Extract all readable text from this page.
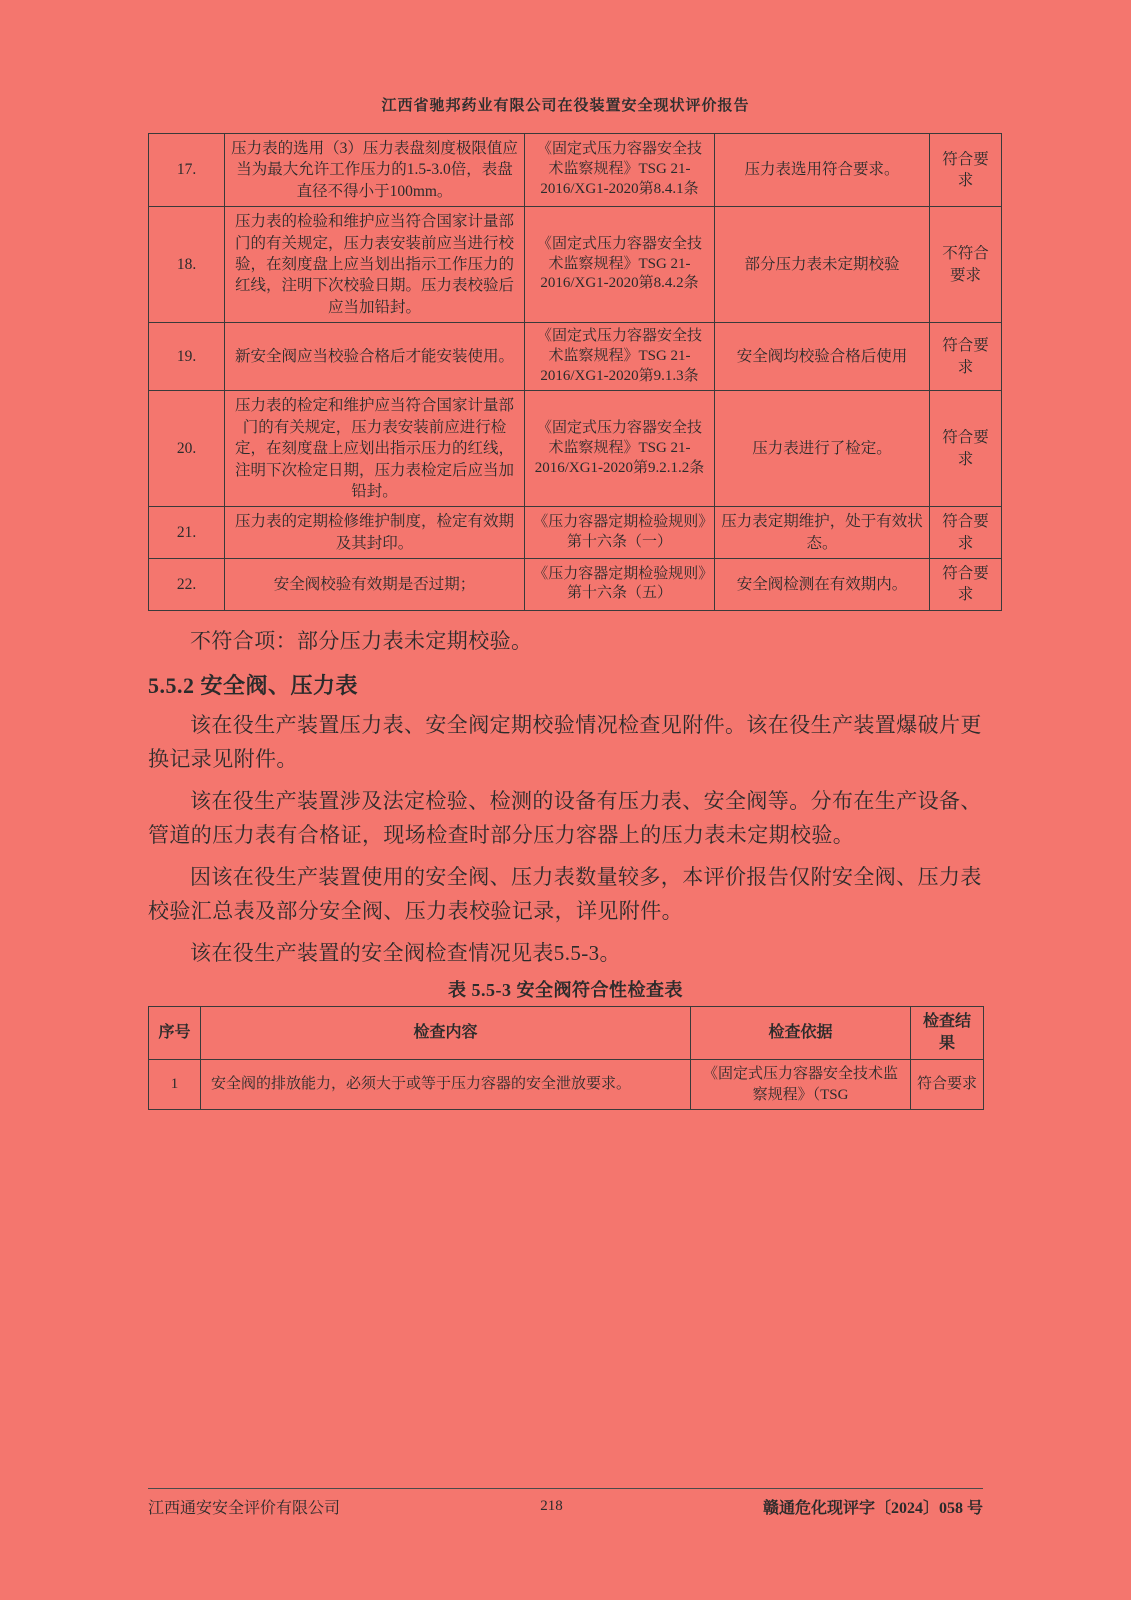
江西省驰邦药业有限公司在役装置安全现状评价报告
17.	压力表的选用（3）压力表盘刻度极限值应当为最大允许工作压力的1.5-3.0倍，表盘直径不得小于100mm。	《固定式压力容器安全技术监察规程》TSG 21-2016/XG1-2020第8.4.1条	压力表选用符合要求。	符合要求
18.	压力表的检验和维护应当符合国家计量部门的有关规定，压力表安装前应当进行校验，在刻度盘上应当划出指示工作压力的红线，注明下次校验日期。压力表校验后应当加铅封。	《固定式压力容器安全技术监察规程》TSG 21-2016/XG1-2020第8.4.2条	部分压力表未定期校验	不符合要求
19.	新安全阀应当校验合格后才能安装使用。	《固定式压力容器安全技术监察规程》TSG 21-2016/XG1-2020第9.1.3条	安全阀均校验合格后使用	符合要求
20.	压力表的检定和维护应当符合国家计量部门的有关规定，压力表安装前应进行检定，在刻度盘上应划出指示压力的红线，注明下次检定日期，压力表检定后应当加铅封。	《固定式压力容器安全技术监察规程》TSG 21-2016/XG1-2020第9.2.1.2条	压力表进行了检定。	符合要求
21.	压力表的定期检修维护制度，检定有效期及其封印。	《压力容器定期检验规则》第十六条（一）	压力表定期维护，处于有效状态。	符合要求
22.	安全阀校验有效期是否过期；	《压力容器定期检验规则》第十六条（五）	安全阀检测在有效期内。	符合要求

不符合项：部分压力表未定期校验。

5.5.2 安全阀、压力表

该在役生产装置压力表、安全阀定期校验情况检查见附件。该在役生产装置爆破片更换记录见附件。

该在役生产装置涉及法定检验、检测的设备有压力表、安全阀等。分布在生产设备、管道的压力表有合格证，现场检查时部分压力容器上的压力表未定期校验。

因该在役生产装置使用的安全阀、压力表数量较多，本评价报告仅附安全阀、压力表校验汇总表及部分安全阀、压力表校验记录，详见附件。

该在役生产装置的安全阀检查情况见表5.5-3。

表 5.5-3 安全阀符合性检查表
序号	检查内容	检查依据	检查结果
1	安全阀的排放能力，必须大于或等于压力容器的安全泄放要求。	《固定式压力容器安全技术监察规程》（TSG	符合要求
江西通安安全评价有限公司	218	赣通危化现评字〔2024〕058 号
